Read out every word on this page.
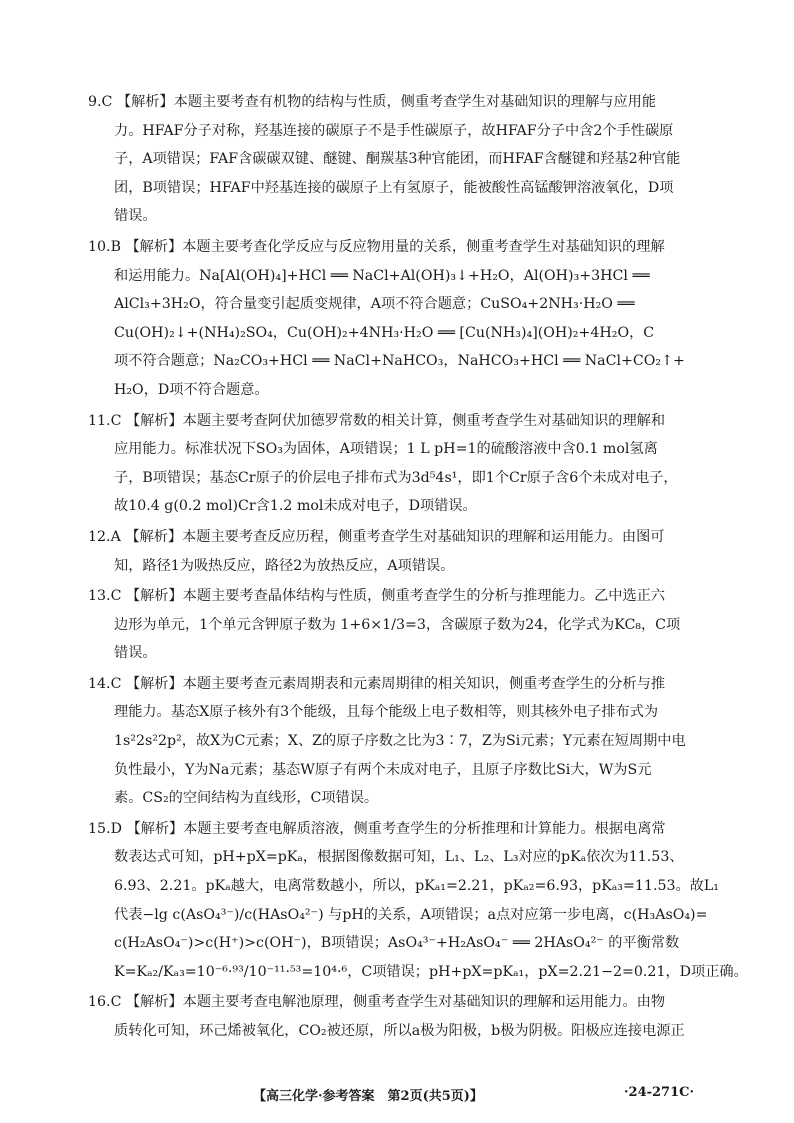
9.C 【解析】本题主要考查有机物的结构与性质，侧重考查学生对基础知识的理解与应用能
力。HFAF分子对称，羟基连接的碳原子不是手性碳原子，故HFAF分子中含2个手性碳原
子，A项错误；FAF含碳碳双键、醚键、酮羰基3种官能团，而HFAF含醚键和羟基2种官能
团，B项错误；HFAF中羟基连接的碳原子上有氢原子，能被酸性高锰酸钾溶液氧化，D项
错误。
10.B 【解析】本题主要考查化学反应与反应物用量的关系，侧重考查学生对基础知识的理解
和运用能力。Na[Al(OH)₄]+HCl ══ NaCl+Al(OH)₃↓+H₂O，Al(OH)₃+3HCl ══
AlCl₃+3H₂O，符合量变引起质变规律，A项不符合题意；CuSO₄+2NH₃·H₂O ══
Cu(OH)₂↓+(NH₄)₂SO₄，Cu(OH)₂+4NH₃·H₂O ══ [Cu(NH₃)₄](OH)₂+4H₂O，C
项不符合题意；Na₂CO₃+HCl ══ NaCl+NaHCO₃，NaHCO₃+HCl ══ NaCl+CO₂↑+
H₂O，D项不符合题意。
11.C 【解析】本题主要考查阿伏加德罗常数的相关计算，侧重考查学生对基础知识的理解和
应用能力。标准状况下SO₃为固体，A项错误；1 L pH=1的硫酸溶液中含0.1 mol氢离
子，B项错误；基态Cr原子的价层电子排布式为3d⁵4s¹，即1个Cr原子含6个未成对电子，
故10.4 g(0.2 mol)Cr含1.2 mol未成对电子，D项错误。
12.A 【解析】本题主要考查反应历程，侧重考查学生对基础知识的理解和运用能力。由图可
知，路径1为吸热反应，路径2为放热反应，A项错误。
13.C 【解析】本题主要考查晶体结构与性质，侧重考查学生的分析与推理能力。乙中选正六
边形为单元，1个单元含钾原子数为 1+6×1/3=3，含碳原子数为24，化学式为KC₈，C项
错误。
14.C 【解析】本题主要考查元素周期表和元素周期律的相关知识，侧重考查学生的分析与推
理能力。基态X原子核外有3个能级，且每个能级上电子数相等，则其核外电子排布式为
1s²2s²2p²，故X为C元素；X、Z的原子序数之比为3∶7，Z为Si元素；Y元素在短周期中电
负性最小，Y为Na元素；基态W原子有两个未成对电子，且原子序数比Si大，W为S元
素。CS₂的空间结构为直线形，C项错误。
15.D 【解析】本题主要考查电解质溶液，侧重考查学生的分析推理和计算能力。根据电离常
数表达式可知，pH+pX=pKₐ，根据图像数据可知，L₁、L₂、L₃对应的pKₐ依次为11.53、
6.93、2.21。pKₐ越大，电离常数越小，所以，pKₐ₁=2.21，pKₐ₂=6.93，pKₐ₃=11.53。故L₁
代表−lg c(AsO₄³⁻)/c(HAsO₄²⁻) 与pH的关系，A项错误；a点对应第一步电离，c(H₃AsO₄)=
c(H₂AsO₄⁻)>c(H⁺)>c(OH⁻)，B项错误；AsO₄³⁻+H₂AsO₄⁻ ══ 2HAsO₄²⁻ 的平衡常数
K=Kₐ₂/Kₐ₃=10⁻⁶·⁹³/10⁻¹¹·⁵³=10⁴·⁶，C项错误；pH+pX=pKₐ₁，pX=2.21−2=0.21，D项正确。
16.C 【解析】本题主要考查电解池原理，侧重考查学生对基础知识的理解和运用能力。由物
质转化可知，环己烯被氧化，CO₂被还原，所以a极为阳极，b极为阴极。阳极应连接电源正
【高三化学·参考答案　第2页(共5页)】	·24-271C·
